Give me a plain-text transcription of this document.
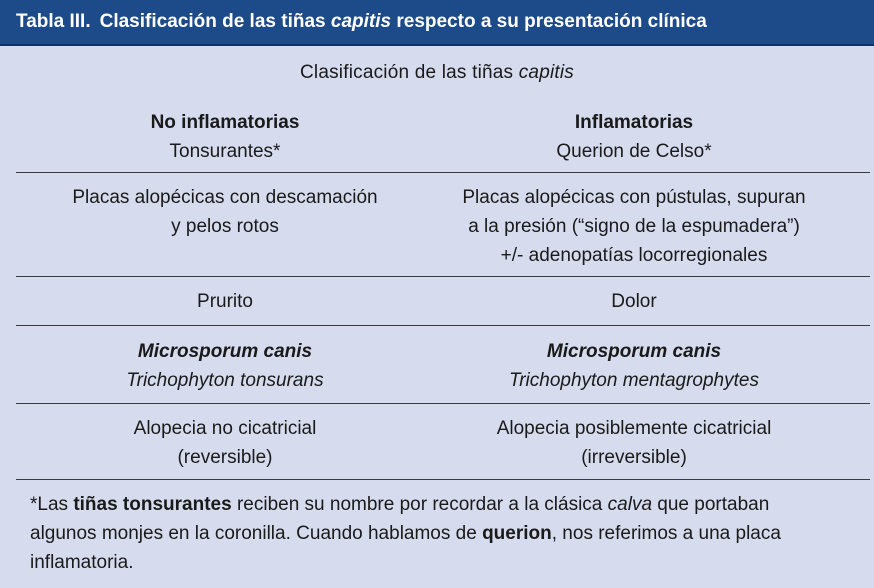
Tabla III. Clasificación de las tiñas capitis respecto a su presentación clínica
Clasificación de las tiñas capitis
No inflamatorias
Tonsurantes*
Inflamatorias
Querion de Celso*
Placas alopécicas con descamación
y pelos rotos
Placas alopécicas con pústulas, supuran
a la presión (“signo de la espumadera”)
+/- adenopatías locorregionales
Prurito	Dolor
Microsporum canis
Trichophyton tonsurans
Microsporum canis
Trichophyton mentagrophytes
Alopecia no cicatricial
(reversible)
Alopecia posiblemente cicatricial
(irreversible)
*Las tiñas tonsurantes reciben su nombre por recordar a la clásica calva que portaban algunos monjes en la coronilla. Cuando hablamos de querion, nos referimos a una placa inflamatoria.
